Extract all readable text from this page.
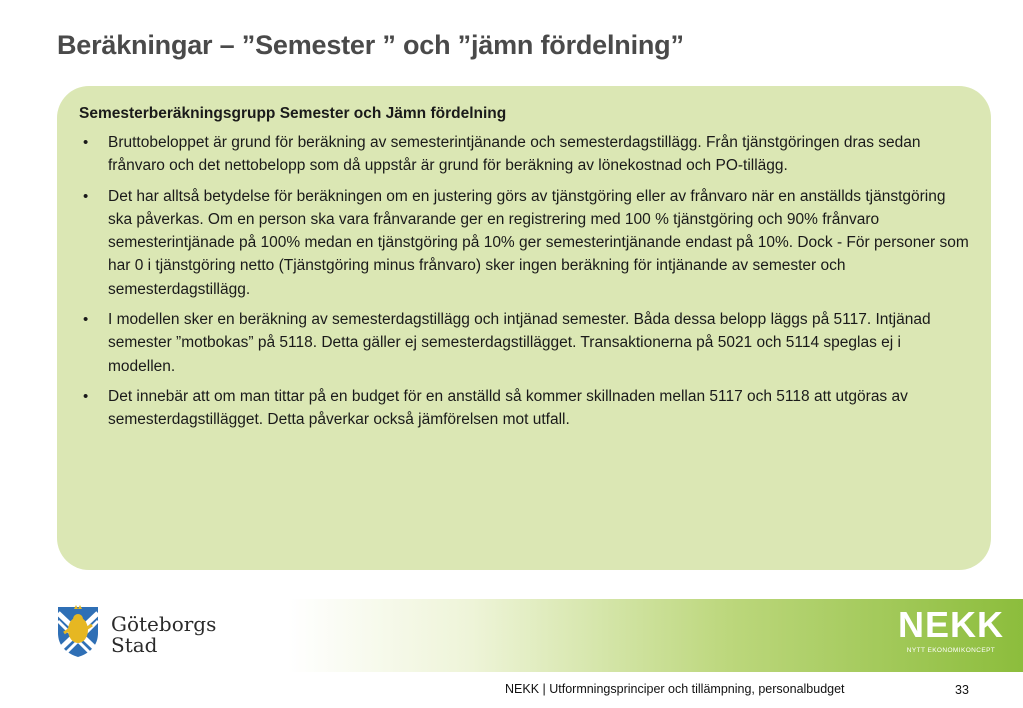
Beräkningar – ”Semester ” och ”jämn fördelning”
Semesterberäkningsgrupp Semester och Jämn fördelning
• Bruttobeloppet är grund för beräkning av semesterintjänande och semesterdagstillägg. Från tjänstgöringen dras sedan frånvaro och det nettobelopp som då uppstår är grund för beräkning av lönekostnad och PO-tillägg.
• Det har alltså betydelse för beräkningen om en justering görs av tjänstgöring eller av frånvaro när en anställds tjänstgöring ska påverkas. Om en person ska vara frånvarande ger en registrering med 100 % tjänstgöring och 90% frånvaro semesterintjänade på 100% medan en tjänstgöring på 10% ger semesterintjänande endast på 10%. Dock - För personer som har 0 i tjänstgöring netto (Tjänstgöring minus frånvaro) sker ingen beräkning för intjänande av semester och semesterdagstillägg.
• I modellen sker en beräkning av semesterdagstillägg och intjänad semester. Båda dessa belopp läggs på 5117. Intjänad semester ”motbokas” på 5118. Detta gäller ej semesterdagstillägget. Transaktionerna på 5021 och 5114 speglas ej i modellen.
• Det innebär att om man tittar på en budget för en anställd så kommer skillnaden mellan 5117 och 5118 att utgöras av semesterdagstillägget. Detta påverkar också jämförelsen mot utfall.
Göteborgs
Stad	NEKK
NYTT EKONOMIKONCEPT
NEKK | Utformningsprinciper och tillämpning, personalbudget	33
